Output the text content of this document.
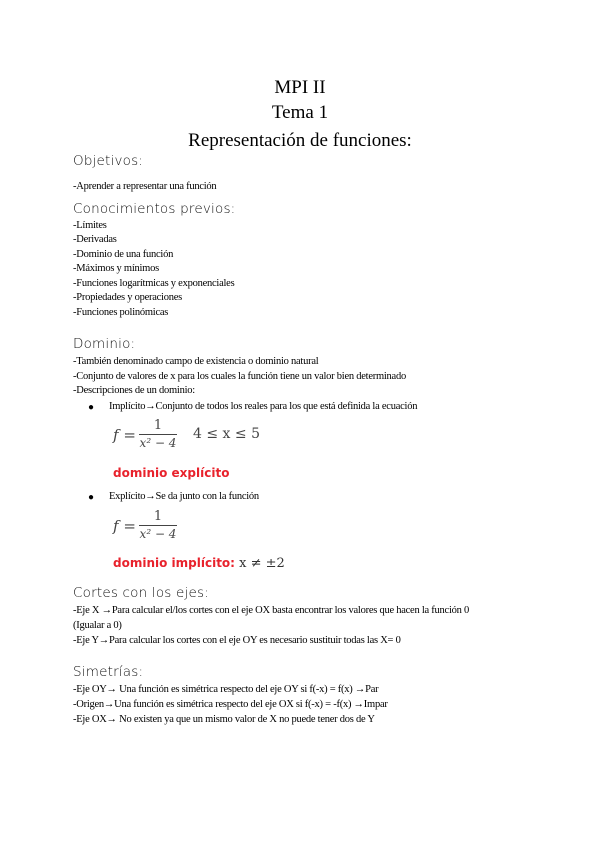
MPI II
Tema 1
Representación de funciones:
Objetivos:
-Aprender a representar una función
Conocimientos previos:
-Límites
-Derivadas
-Dominio de una función
-Máximos y mínimos
-Funciones logarítmicas y exponenciales
-Propiedades y operaciones
-Funciones polinómicas
Dominio:
-También denominado campo de existencia o dominio natural
-Conjunto de valores de x para los cuales la función tiene un valor bien determinado
-Descripciones de un dominio:
● Implícito→Conjunto de todos los reales para los que está definida la ecuación
$f = \frac{1}{\text{x² − 4}} 4 \le x \le 5$
dominio explícito
● Explícito→Se da junto con la función
$f = \frac{1}{\text{x² − 4}}$
dominio implícito: x ≠ ±2
Cortes con los ejes:
-Eje X →Para calcular el/los cortes con el eje OX basta encontrar los valores que hacen la función 0
(Igualar a 0)
-Eje Y→Para calcular los cortes con el eje OY es necesario sustituir todas las X= 0
Simetrías:
-Eje OY→ Una función es simétrica respecto del eje OY si f(-x) = f(x) →Par
-Origen→Una función es simétrica respecto del eje OX si f(-x) = -f(x) →Impar
-Eje OX→ No existen ya que un mismo valor de X no puede tener dos de Y
